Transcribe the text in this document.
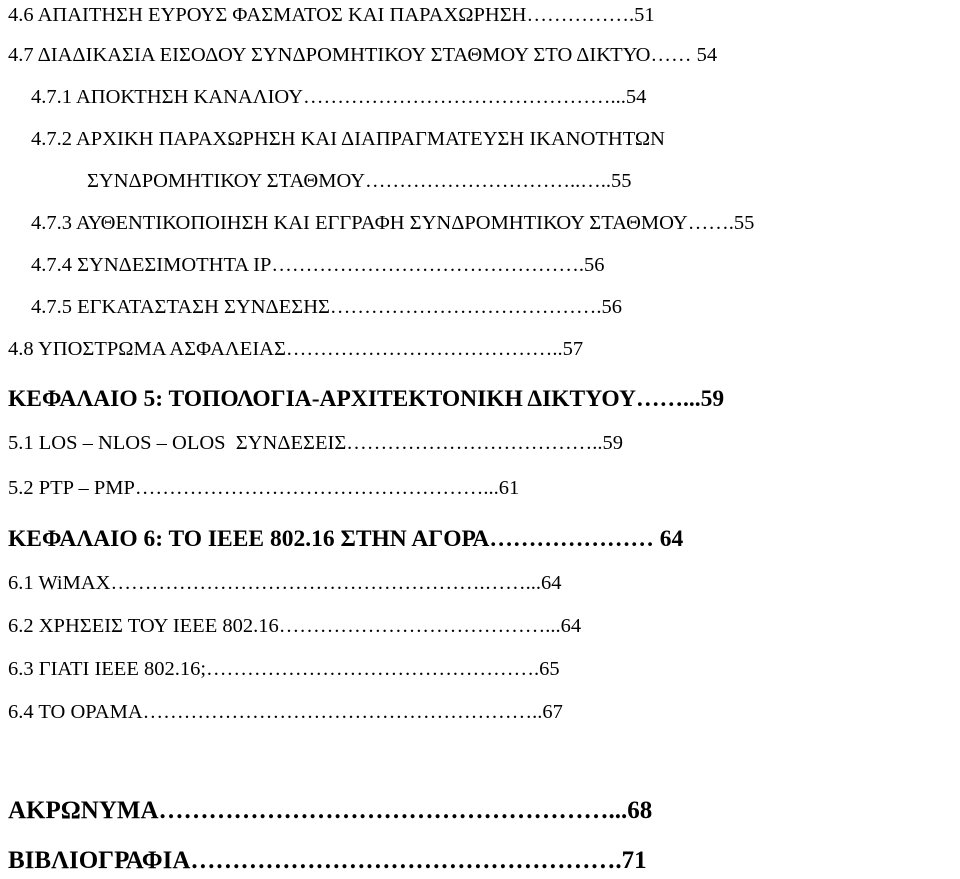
4.6 ΑΠΑΙΤΗΣΗ ΕΥΡΟΥΣ ΦΑΣΜΑΤΟΣ ΚΑΙ ΠΑΡΑΧΩΡΗΣΗ…………….51
4.7 ΔΙΑΔΙΚΑΣΙΑ ΕΙΣΟΔΟΥ ΣΥΝΔΡΟΜΗΤΙΚΟΥ ΣΤΑΘΜΟΥ ΣΤΟ ΔΙΚΤΥΟ…… 54
4.7.1 ΑΠΟΚΤΗΣΗ ΚΑΝΑΛΙΟΥ………………………………………...54
4.7.2 ΑΡΧΙΚΗ ΠΑΡΑΧΩΡΗΣΗ ΚΑΙ ΔΙΑΠΡΑΓΜΑΤΕΥΣΗ ΙΚΑΝΟΤΗΤΩΝ
ΣΥΝΔΡΟΜΗΤΙΚΟΥ ΣΤΑΘΜΟΥ…………………………..…..55
4.7.3 ΑΥΘΕΝΤΙΚΟΠΟΙΗΣΗ ΚΑΙ ΕΓΓΡΑΦΗ ΣΥΝΔΡΟΜΗΤΙΚΟΥ ΣΤΑΘΜΟΥ…….55
4.7.4 ΣΥΝΔΕΣΙΜΟΤΗΤΑ IP……………………………………….56
4.7.5 ΕΓΚΑΤΑΣΤΑΣΗ ΣΥΝΔΕΣΗΣ………………………………….56
4.8 ΥΠΟΣΤΡΩΜΑ ΑΣΦΑΛΕΙΑΣ…………………………………..57
ΚΕΦΑΛΑΙΟ 5: ΤΟΠΟΛΟΓΙΑ-ΑΡΧΙΤΕΚΤΟΝΙΚΗ ΔΙΚΤΥΟΥ……...59
5.1 LOS – NLOS – OLOS  ΣΥΝΔΕΣΕΙΣ………………………………..59
5.2 PTP – PMP……………………………………………...61
ΚΕΦΑΛΑΙΟ 6: ΤΟ IEEE 802.16 ΣΤΗΝ ΑΓΟΡΑ………………… 64
6.1 WiMAX……………………………………………….……...64
6.2 ΧΡΗΣΕΙΣ ΤΟΥ IEEE 802.16…………………………………...64
6.3 ΓΙΑΤΙ IEEE 802.16;………………………………………….65
6.4 ΤΟ ΟΡΑΜΑ…………………………………………………..67
ΑΚΡΩΝΥΜΑ………………………………………………...68
ΒΙΒΛΙΟΓΡΑΦΙΑ…………………………………………….71
